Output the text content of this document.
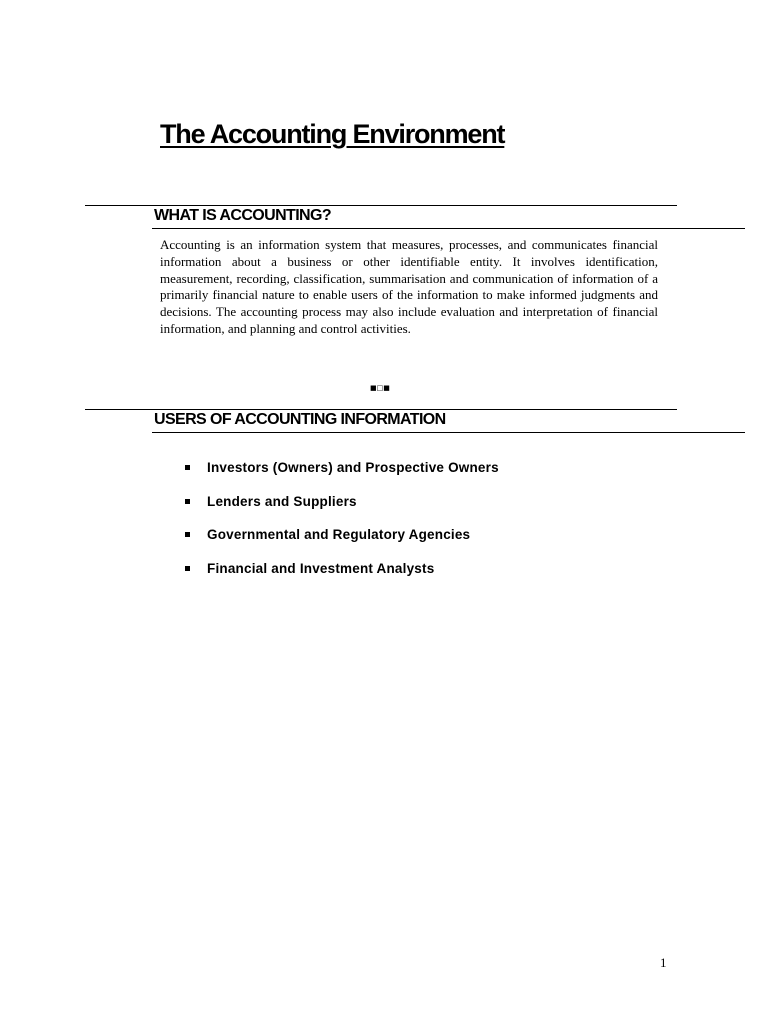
The Accounting Environment
WHAT IS ACCOUNTING?

Accounting is an information system that measures, processes, and communicates financial information about a business or other identifiable entity. It involves identification, measurement, recording, classification, summarisation and communication of information of a primarily financial nature to enable users of the information to make informed judgments and decisions. The accounting process may also include evaluation and interpretation of financial information, and planning and control activities.

■□■
USERS OF ACCOUNTING INFORMATION
Investors (Owners) and Prospective Owners
Lenders and Suppliers
Governmental and Regulatory Agencies
Financial and Investment Analysts
1
